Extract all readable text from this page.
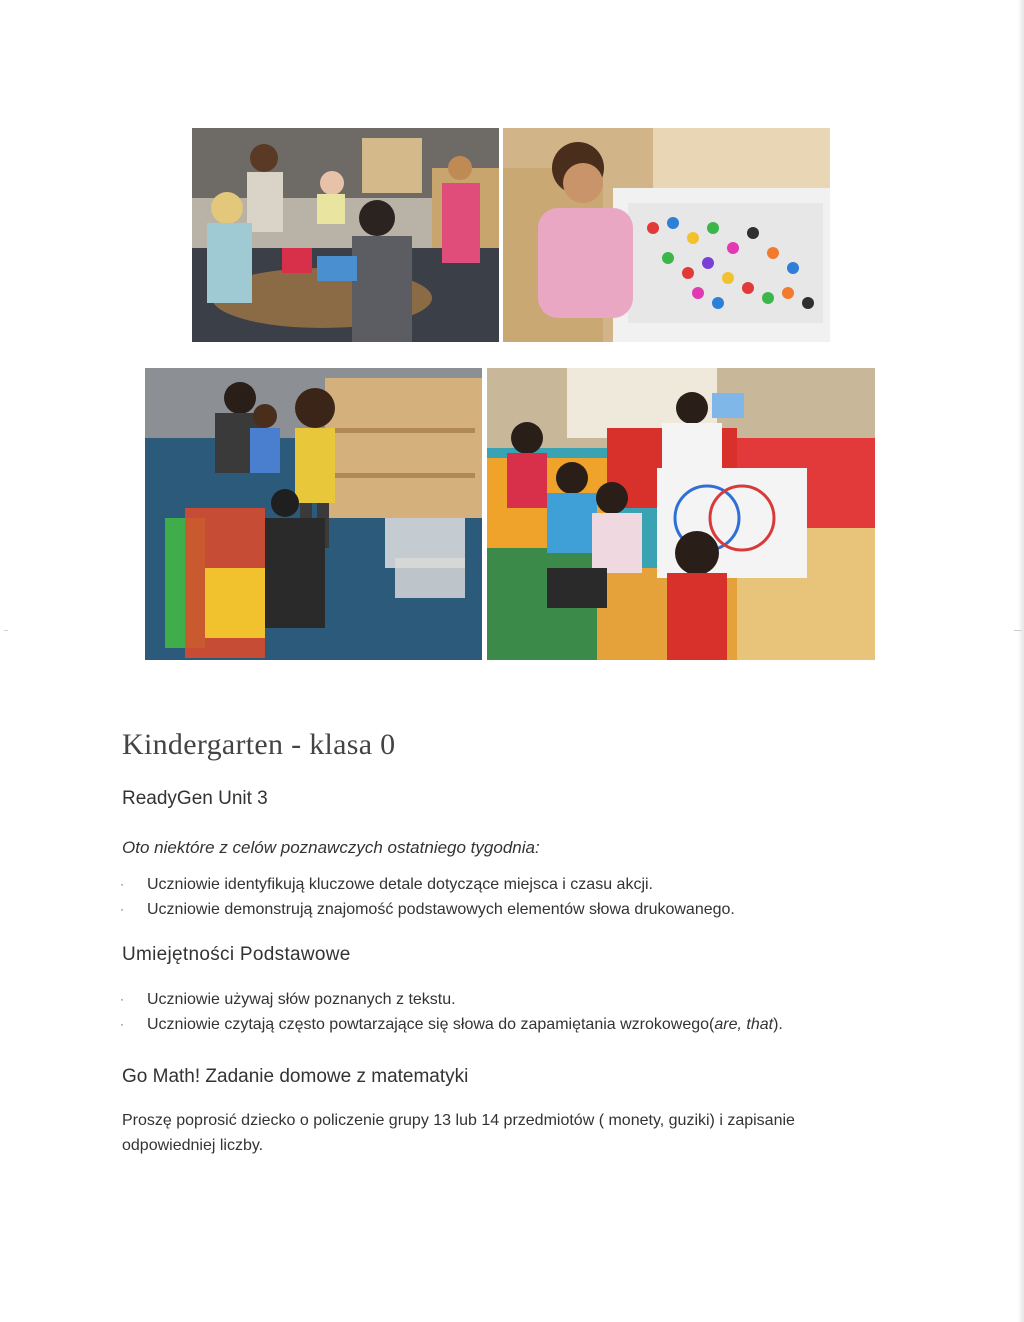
Kindergarten - klasa 0
ReadyGen Unit 3

Oto niektóre z celów poznawczych ostatniego tygodnia:

· Uczniowie identyfikują kluczowe detale dotyczące miejsca i czasu akcji.
· Uczniowie demonstrują znajomość podstawowych elementów słowa drukowanego.
Umiejętności Podstawowe
· Uczniowie używaj słów poznanych z tekstu.
· Uczniowie czytają często powtarzające się słowa do zapamiętania wzrokowego(are, that).
Go Math! Zadanie domowe z matematyki

Proszę poprosić dziecko o policzenie grupy 13 lub 14 przedmiotów ( monety, guziki) i zapisanie odpowiedniej liczby.
